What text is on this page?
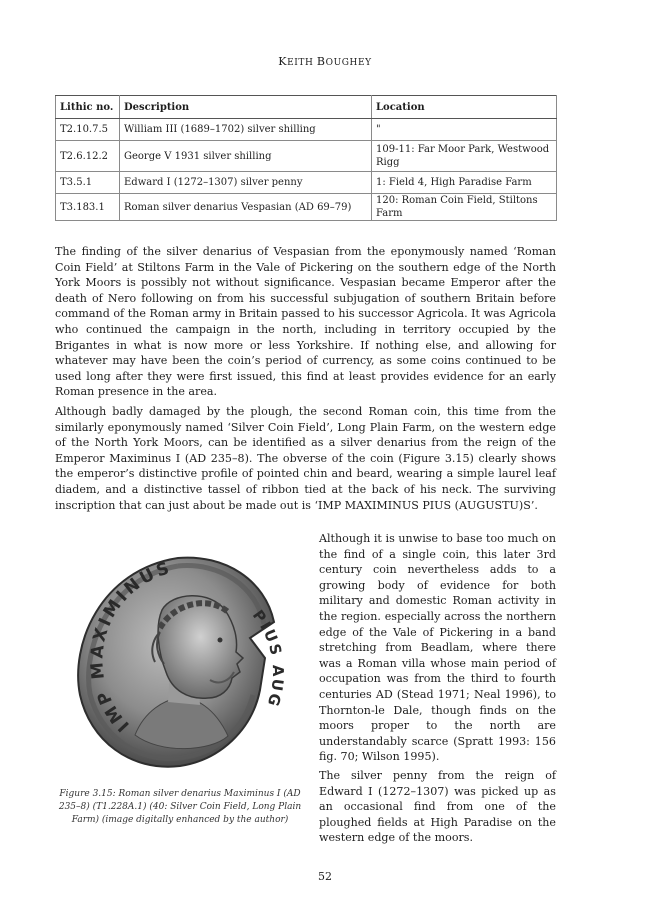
KEITH BOUGHEY
Lithic no.	Description	Location
T2.10.7.5	William III (1689–1702) silver shilling	"
T2.6.12.2	George V 1931 silver shilling	109-11: Far Moor Park, Westwood Rigg
T3.5.1	Edward I (1272–1307) silver penny	1: Field 4, High Paradise Farm
T3.183.1	Roman silver denarius Vespasian (AD 69–79)	120: Roman Coin Field, Stiltons Farm

The finding of the silver denarius of Vespasian from the eponymously named ‘Roman Coin Field’ at Stiltons Farm in the Vale of Pickering on the southern edge of the North York Moors is possibly not without significance. Vespasian became Emperor after the death of Nero following on from his successful subjugation of southern Britain before command of the Roman army in Britain passed to his successor Agricola. It was Agricola who continued the campaign in the north, including in territory occupied by the Brigantes in what is now more or less Yorkshire. If nothing else, and allowing for whatever may have been the coin’s period of currency, as some coins continued to be used long after they were first issued, this find at least provides evidence for an early Roman presence in the area.

Although badly damaged by the plough, the second Roman coin, this time from the similarly eponymously named ‘Silver Coin Field’, Long Plain Farm, on the western edge of the North York Moors, can be identified as a silver denarius from the reign of the Emperor Maximinus I (AD 235–8). The obverse of the coin (Figure 3.15) clearly shows the emperor’s distinctive profile of pointed chin and beard, wearing a simple laurel leaf diadem, and a distinctive tassel of ribbon tied at the back of his neck. The surviving inscription that can just about be made out is ‘IMP MAXIMINUS PIUS (AUGUSTU)S’.

IMP MAXIMINUS
PIUS AUG
Figure 3.15: Roman silver denarius Maximinus I (AD 235–8) (T1.228A.1) (40: Silver Coin Field, Long Plain Farm) (image digitally enhanced by the author)

Although it is unwise to base too much on the find of a single coin, this later 3rd century coin nevertheless adds to a growing body of evidence for both military and domestic Roman activity in the region. especially across the northern edge of the Vale of Pickering in a band stretching from Beadlam, where there was a Roman villa whose main period of occupation was from the third to fourth centuries AD (Stead 1971; Neal 1996), to Thornton-le Dale, though finds on the moors proper to the north are understandably scarce (Spratt 1993: 156 fig. 70; Wilson 1995).

The silver penny from the reign of Edward I (1272–1307) was picked up as an occasional find from one of the ploughed fields at High Paradise on the western edge of the moors.

52
